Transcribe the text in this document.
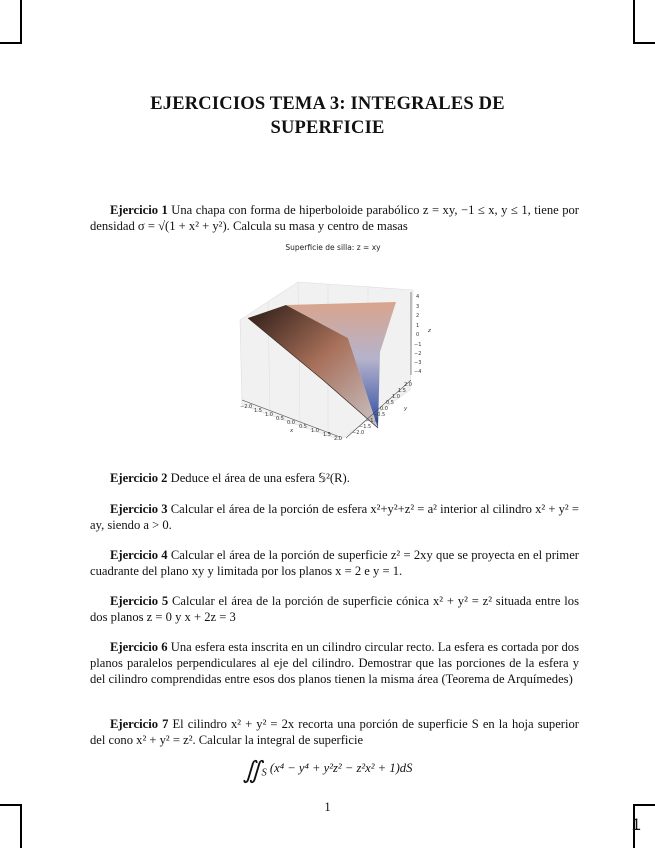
EJERCICIOS TEMA 3: INTEGRALES DE
SUPERFICIE
Ejercicio 1 Una chapa con forma de hiperboloide parabólico z = xy, −1 ≤ x, y ≤ 1, tiene por densidad σ = √(1 + x² + y²). Calcula su masa y centro de masas
Superficie de silla: z = xy
4
3
2
1
0
−1
−2
−3
−4
z
−2.0
1.5
1.0
0.5
0.0
0.5
1.0
1.5
2.0
x
2.0
1.5
1.0
0.5
0.0
−0.5
−1.0
−1.5
−2.0
y
Ejercicio 2 Deduce el área de una esfera 𝕊²(R).
Ejercicio 3 Calcular el área de la porción de esfera x²+y²+z² = a² interior al cilindro x² + y² = ay, siendo a > 0.
Ejercicio 4 Calcular el área de la porción de superficie z² = 2xy que se proyecta en el primer cuadrante del plano xy y limitada por los planos x = 2 e y = 1.
Ejercicio 5 Calcular el área de la porción de superficie cónica x² + y² = z² situada entre los dos planos z = 0 y x + 2z = 3
Ejercicio 6 Una esfera esta inscrita en un cilindro circular recto. La esfera es cortada por dos planos paralelos perpendiculares al eje del cilindro. Demostrar que las porciones de la esfera y del cilindro comprendidas entre esos dos planos tienen la misma área (Teorema de Arquímedes)
Ejercicio 7 El cilindro x² + y² = 2x recorta una porción de superficie S en la hoja superior del cono x² + y² = z². Calcular la integral de superficie
$∬_S$ (x⁴ − y⁴ + y²z² − z²x² + 1)dS
1
1
